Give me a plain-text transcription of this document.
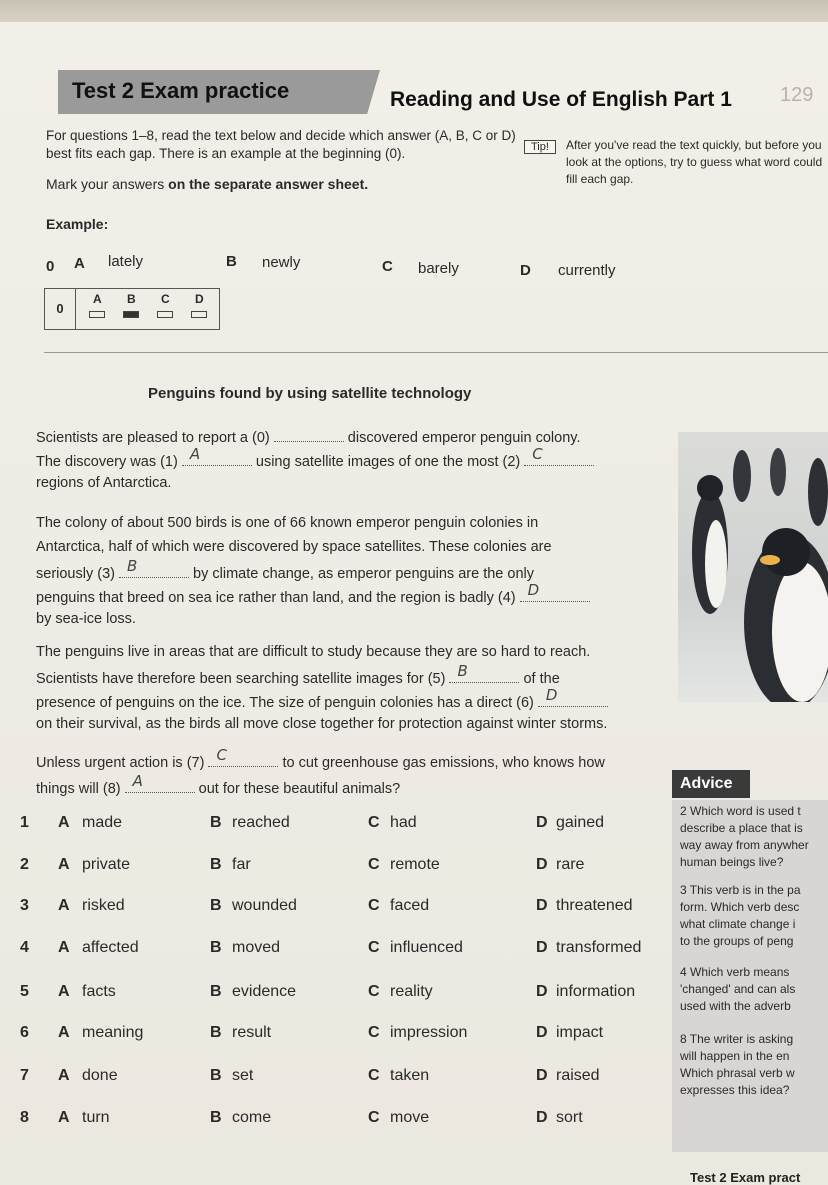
Test 2 Exam practice	Reading and Use of English Part 1 129
For questions 1–8, read the text below and decide which answer (A, B, C or D) best fits each gap. There is an example at the beginning (0).
Mark your answers on the separate answer sheet.
Tip!	After you've read the text quickly, but before you look at the options, try to guess what word could fill each gap.
Example:
0 A lately	B newly	C barely	D currently
0
A B C D
Penguins found by using satellite technology
Scientists are pleased to report a (0)	discovered emperor penguin colony.
The discovery was (1) A	using satellite images of one the most (2) C
regions of Antarctica.
The colony of about 500 birds is one of 66 known emperor penguin colonies in
Antarctica, half of which were discovered by space satellites. These colonies are
seriously (3) B	by climate change, as emperor penguins are the only
penguins that breed on sea ice rather than land, and the region is badly (4) D
by sea-ice loss.
The penguins live in areas that are difficult to study because they are so hard to reach.
Scientists have therefore been searching satellite images for (5) B	of the
presence of penguins on the ice. The size of penguin colonies has a direct (6) D
on their survival, as the birds all move close together for protection against winter storms.
Unless urgent action is (7) C	to cut greenhouse gas emissions, who knows how
things will (8) A	out for these beautiful animals?	Advice
2 Which word is used t
describe a place that is
way away from anywher
human beings live?
3 This verb is in the pa
form. Which verb desc
what climate change i
to the groups of peng
4 Which verb means
'changed' and can als
used with the adverb
8 The writer is asking
will happen in the en
Which phrasal verb w
expresses this idea?
1 A made	B reached	C had	D gained
2 A private	B far	C remote	D rare
3 A risked	B wounded	C faced	D threatened
4 A affected	B moved	C influenced	D transformed
5 A facts	B evidence	C reality	D information
6 A meaning	B result	C impression	D impact
7 A done	B set	C taken	D raised
8 A turn	B come	C move	D sort
Test 2 Exam pract
